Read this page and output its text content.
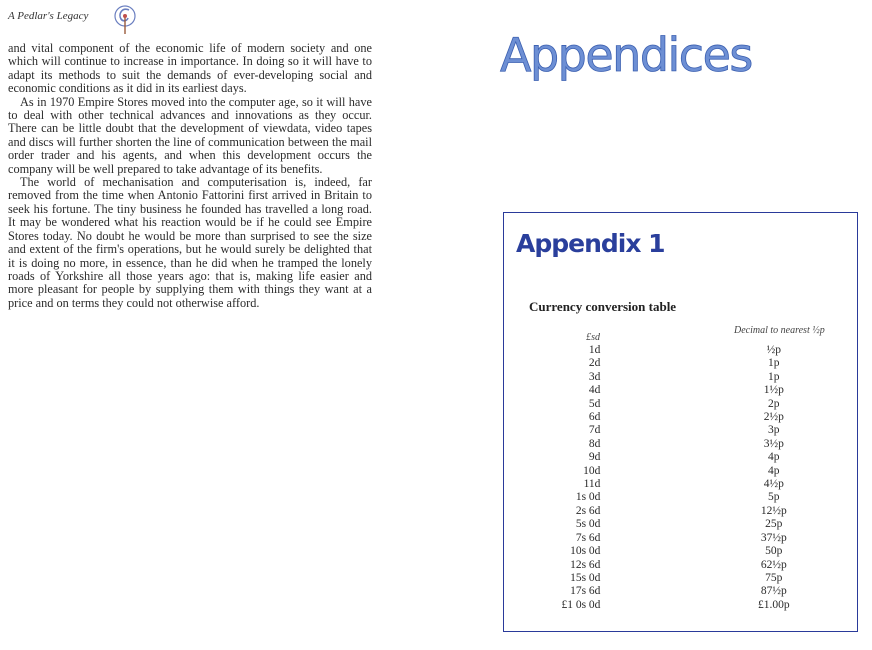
A Pedlar's Legacy

and vital component of the economic life of modern society and one which will continue to increase in importance. In doing so it will have to adapt its methods to suit the demands of ever-developing social and economic conditions as it did in its earliest days.

As in 1970 Empire Stores moved into the computer age, so it will have to deal with other technical advances and innovations as they occur. There can be little doubt that the development of viewdata, video tapes and discs will further shorten the line of communication between the mail order trader and his agents, and when this development occurs the company will be well prepared to take advantage of its benefits.

The world of mechanisation and computerisation is, indeed, far removed from the time when Antonio Fattorini first arrived in Britain to seek his fortune. The tiny business he founded has travelled a long road. It may be wondered what his reaction would be if he could see Empire Stores today. No doubt he would be more than surprised to see the size and extent of the firm's operations, but he would surely be delighted that it is doing no more, in essence, than he did when he tramped the lonely roads of Yorkshire all those years ago: that is, making life easier and more pleasant for people by supplying them with things they want at a price and on terms they could not otherwise afford.

Appendices
Appendix 1
Currency conversion table
£sd
Decimal to nearest ½p
1d		½p
2d		1p
3d		1p
4d		1½p
5d		2p
6d		2½p
7d		3p
8d		3½p
9d		4p
10d		4p
11d		4½p
1s 0d		5p
2s 6d		12½p
5s 0d		25p
7s 6d		37½p
10s 0d		50p
12s 6d		62½p
15s 0d		75p
17s 6d		87½p
£1 0s 0d		£1.00p
